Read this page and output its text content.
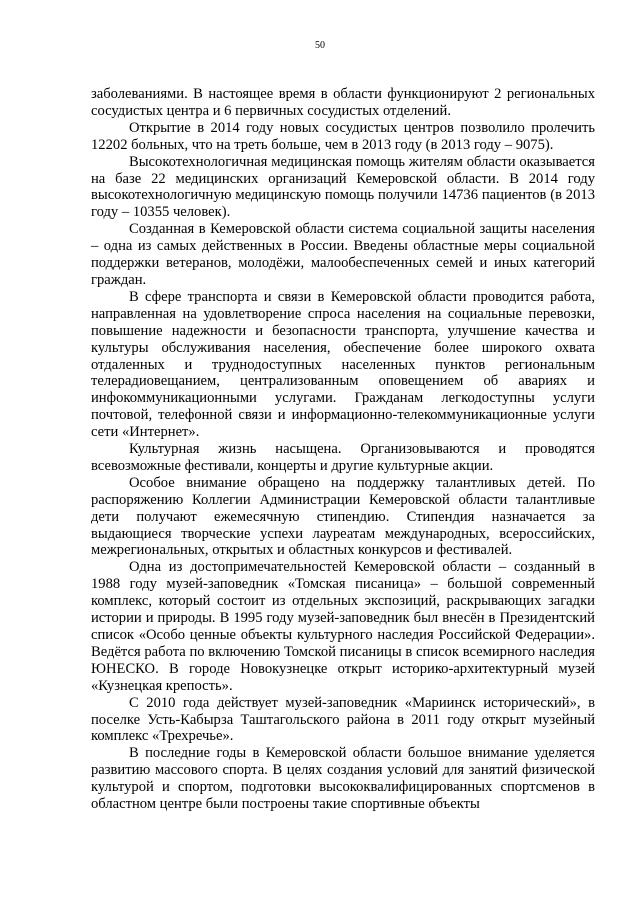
50

заболеваниями. В настоящее время в области функционируют 2 региональных сосудистых центра и 6 первичных сосудистых отделений.

Открытие в 2014 году новых сосудистых центров позволило пролечить 12202 больных, что на треть больше, чем в 2013 году (в 2013 году – 9075).

Высокотехнологичная медицинская помощь жителям области оказывается на базе 22 медицинских организаций Кемеровской области. В 2014 году высокотехнологичную медицинскую помощь получили 14736 пациентов (в 2013 году – 10355 человек).

Созданная в Кемеровской области система социальной защиты населения – одна из самых действенных в России. Введены областные меры социальной поддержки ветеранов, молодёжи, малообеспеченных семей и иных категорий граждан.

В сфере транспорта и связи в Кемеровской области проводится работа, направленная на удовлетворение спроса населения на социальные перевозки, повышение надежности и безопасности транспорта, улучшение качества и культуры обслуживания населения, обеспечение более широкого охвата отдаленных и труднодоступных населенных пунктов региональным телерадиовещанием, централизованным оповещением об авариях и инфокоммуникационными услугами. Гражданам легкодоступны услуги почтовой, телефонной связи и информационно-телекоммуникационные услуги сети «Интернет».

Культурная жизнь насыщена. Организовываются и проводятся всевозможные фестивали, концерты и другие культурные акции.

Особое внимание обращено на поддержку талантливых детей. По распоряжению Коллегии Администрации Кемеровской области талантливые дети получают ежемесячную стипендию. Стипендия назначается за выдающиеся творческие успехи лауреатам международных, всероссийских, межрегиональных, открытых и областных конкурсов и фестивалей.

Одна из достопримечательностей Кемеровской области – созданный в 1988 году музей-заповедник «Томская писаница» – большой современный комплекс, который состоит из отдельных экспозиций, раскрывающих загадки истории и природы. В 1995 году музей-заповедник был внесён в Президентский список «Особо ценные объекты культурного наследия Российской Федерации». Ведётся работа по включению Томской писаницы в список всемирного наследия ЮНЕСКО. В городе Новокузнецке открыт историко-архитектурный музей «Кузнецкая крепость».

С 2010 года действует музей-заповедник «Мариинск исторический», в поселке Усть-Кабырза Таштагольского района в 2011 году открыт музейный комплекс «Трехречье».

В последние годы в Кемеровской области большое внимание уделяется развитию массового спорта. В целях создания условий для занятий физической культурой и спортом, подготовки высококвалифицированных спортсменов в областном центре были построены такие спортивные объекты
